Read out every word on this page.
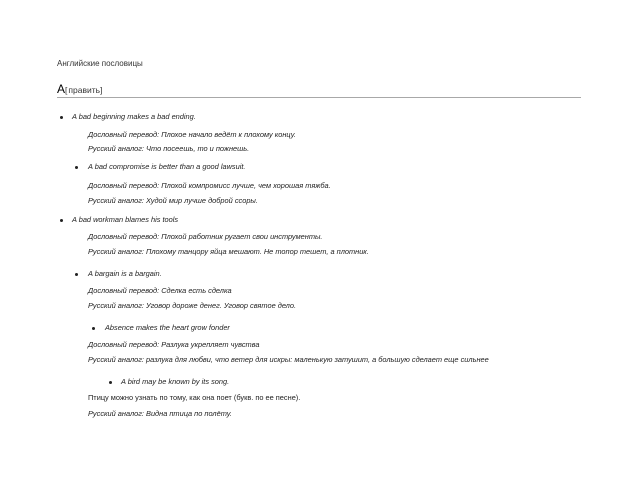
Английские пословицы
A[править]
A bad beginning makes a bad ending.
Дословный перевод: Плохое начало ведёт к плохому концу.
Русский аналог: Что посеешь, то и пожнешь.
A bad compromise is better than a good lawsuit.
Дословный перевод: Плохой компромисс лучше, чем хорошая тяжба.
Русский аналог: Худой мир лучше доброй ссоры.
A bad workman blames his tools
Дословный перевод: Плохой работник ругает свои инструменты.
Русский аналог: Плохому танцору яйца мешают. Не топор тешет, а плотник.
A bargain is a bargain.
Дословный перевод: Сделка есть сделка
Русский аналог: Уговор дороже денег. Уговор святое дело.
Absence makes the heart grow fonder
Дословный перевод: Разлука укрепляет чувства
Русский аналог: разлука для любви, что ветер для искры: маленькую затушит, а большую сделает еще сильнее
A bird may be known by its song.
Птицу можно узнать по тому, как она поет (букв. по ее песне).
Русский аналог: Видна птица по полёту.
